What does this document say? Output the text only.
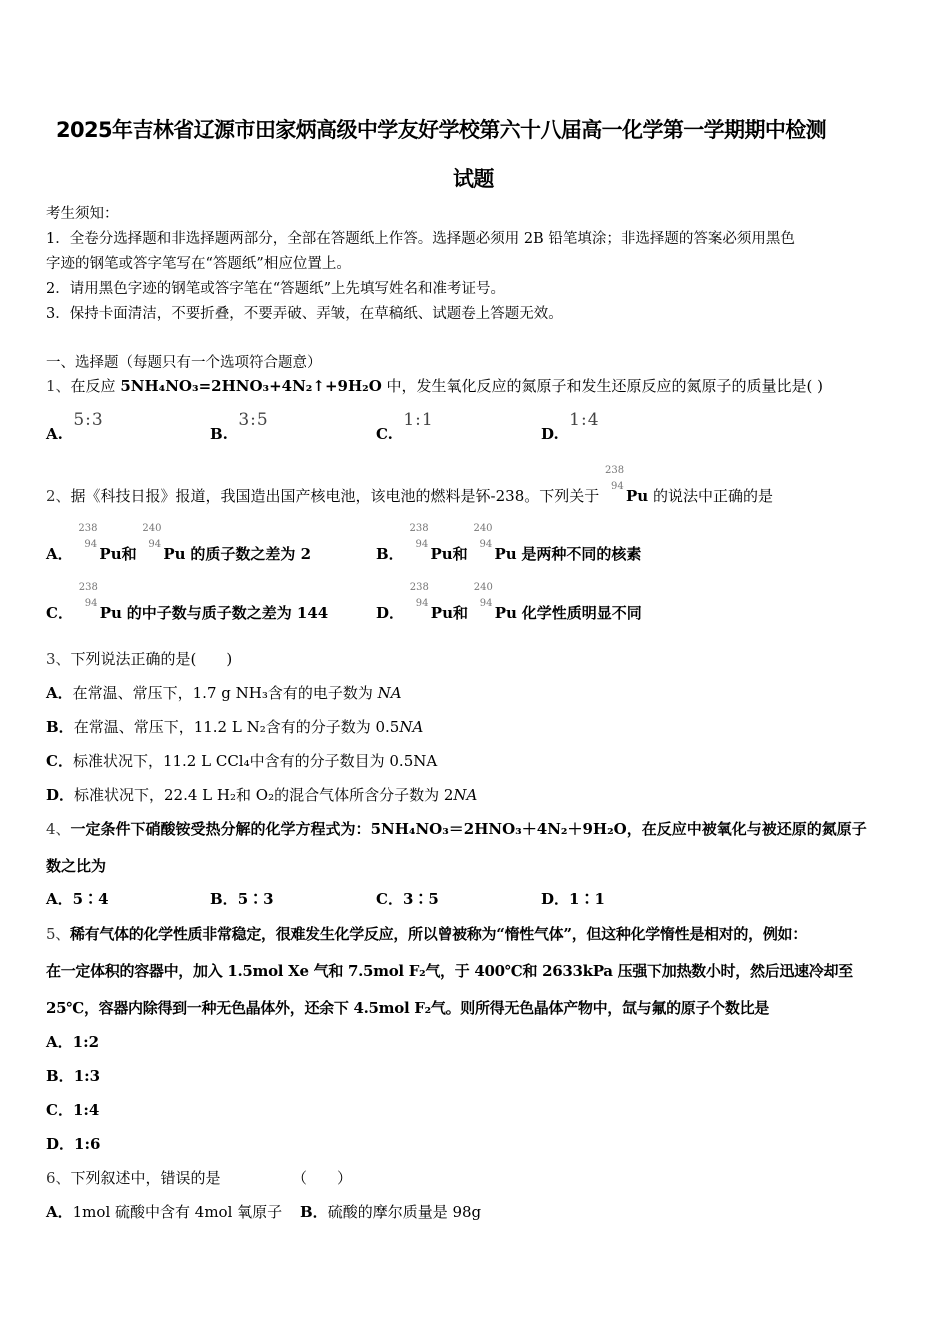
2025年吉林省辽源市田家炳高级中学友好学校第六十八届高一化学第一学期期中检测
试题
考生须知：
1．全卷分选择题和非选择题两部分，全部在答题纸上作答。选择题必须用 2B 铅笔填涂；非选择题的答案必须用黑色
字迹的钢笔或答字笔写在“答题纸”相应位置上。
2．请用黑色字迹的钢笔或答字笔在“答题纸”上先填写姓名和准考证号。
3．保持卡面清洁，不要折叠，不要弄破、弄皱，在草稿纸、试题卷上答题无效。
一、选择题（每题只有一个选项符合题意）
1、在反应 5NH₄NO₃=2HNO₃+4N₂↑+9H₂O 中，发生氧化反应的氮原子和发生还原反应的氮原子的质量比是( )
A.  5:3
B.  3:5
C.  1:1
D.  1:4
2、据《科技日报》报道，我国造出国产核电池，该电池的燃料是钚-238。下列关于
238
94
Pu 的说法中正确的是
A．
238
94
Pu和
240
94
Pu 的质子数之差为 2	B．
238
94
Pu和
240
94
Pu 是两种不同的核素
C．
238
94
Pu 的中子数与质子数之差为 144	D．
238
94
Pu和
240
94
Pu 化学性质明显不同
3、下列说法正确的是(　　)
A．在常温、常压下，1.7 g NH₃含有的电子数为 NA
B．在常温、常压下，11.2 L N₂含有的分子数为 0.5NA
C．标准状况下，11.2 L CCl₄中含有的分子数目为 0.5NA
D．标准状况下，22.4 L H₂和 O₂的混合气体所含分子数为 2NA
4、一定条件下硝酸铵受热分解的化学方程式为：5NH₄NO₃＝2HNO₃＋4N₂＋9H₂O，在反应中被氧化与被还原的氮原子
数之比为
A．5∶4	B．5∶3	C．3∶5	D．1∶1
5、稀有气体的化学性质非常稳定，很难发生化学反应，所以曾被称为“惰性气体”，但这种化学惰性是相对的，例如：
在一定体积的容器中，加入 1.5mol Xe 气和 7.5mol F₂气，于 400℃和 2633kPa 压强下加热数小时，然后迅速冷却至
25℃，容器内除得到一种无色晶体外，还余下 4.5mol F₂气。则所得无色晶体产物中，氙与氟的原子个数比是
A．1:2
B．1:3
C．1:4
D．1:6
6、下列叙述中，错误的是	（　　）
A．1mol 硫酸中含有 4mol 氧原子 B．硫酸的摩尔质量是 98g
